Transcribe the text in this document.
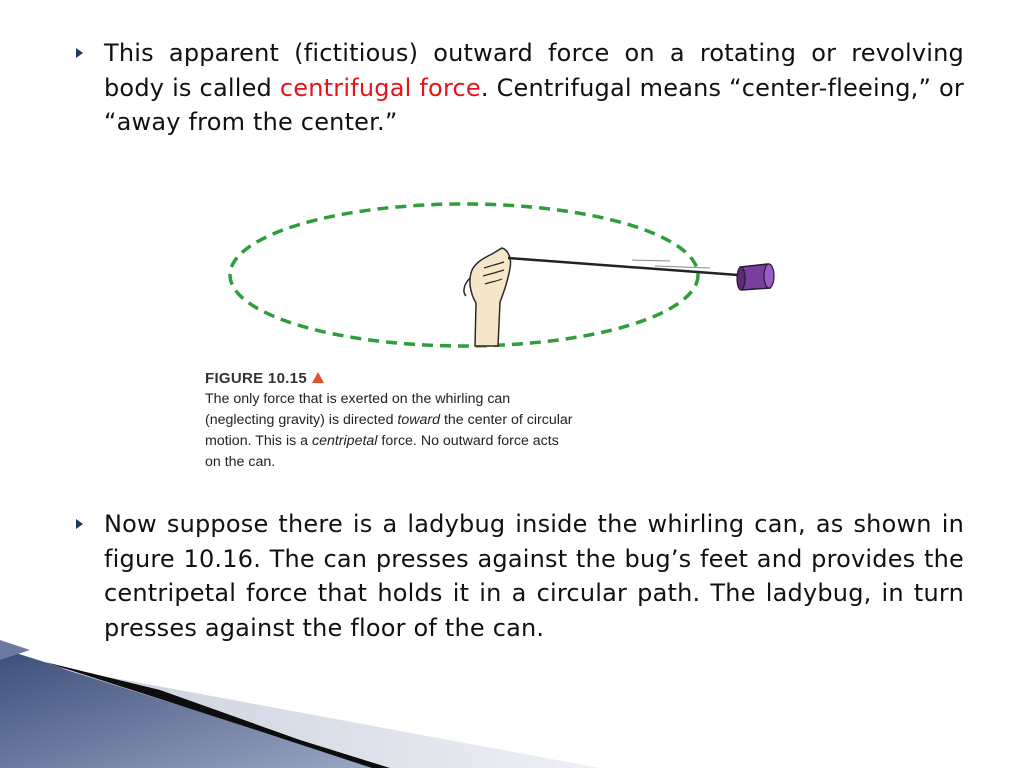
This apparent (fictitious) outward force on a rotating or revolving body is called centrifugal force. Centrifugal means “center-fleeing,” or “away from the center.”
FIGURE 10.15
The only force that is exerted on the whirling can (neglecting gravity) is directed toward the center of circular motion. This is a centripetal force. No outward force acts on the can.
Now suppose there is a ladybug inside the whirling can, as shown in figure 10.16. The can presses against the bug’s feet and provides the centripetal force that holds it in a circular path. The ladybug, in turn presses against the floor of the can.
